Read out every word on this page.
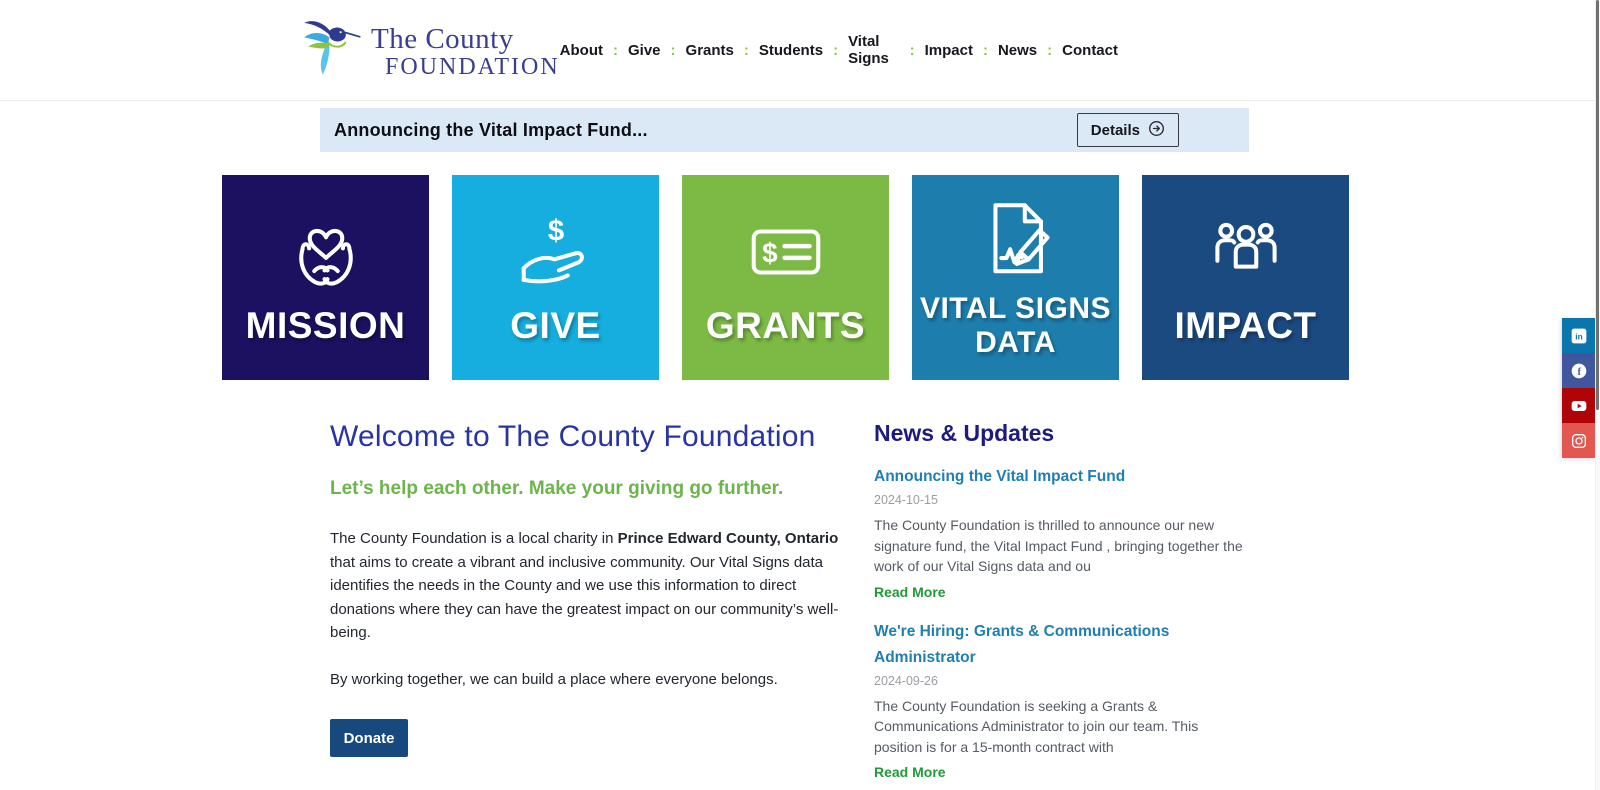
The County
FOUNDATION
About : Give : Grants : Students : Vital Signs	: Impact : News : Contact
Announcing the Vital Impact Fund...	Details
MISSION
$
GIVE
$
GRANTS VITAL SIGNS DATA	IMPACT
Welcome to The County Foundation
Let’s help each other. Make your giving go further.

The County Foundation is a local charity in Prince Edward County, Ontario that aims to create a vibrant and inclusive community. Our Vital Signs data identifies the needs in the County and we use this information to direct donations where they can have the greatest impact on our community’s well-being.

By working together, we can build a place where everyone belongs.

Donate
News & Updates
Announcing the Vital Impact Fund
2024-10-15
The County Foundation is thrilled to announce our new signature fund, the Vital Impact Fund , bringing together the work of our Vital Signs data and ou
Read More
We're Hiring: Grants & Communications Administrator
2024-09-26
The County Foundation is seeking a Grants & Communications Administrator to join our team. This position is for a 15-month contract with
Read More
in
f
